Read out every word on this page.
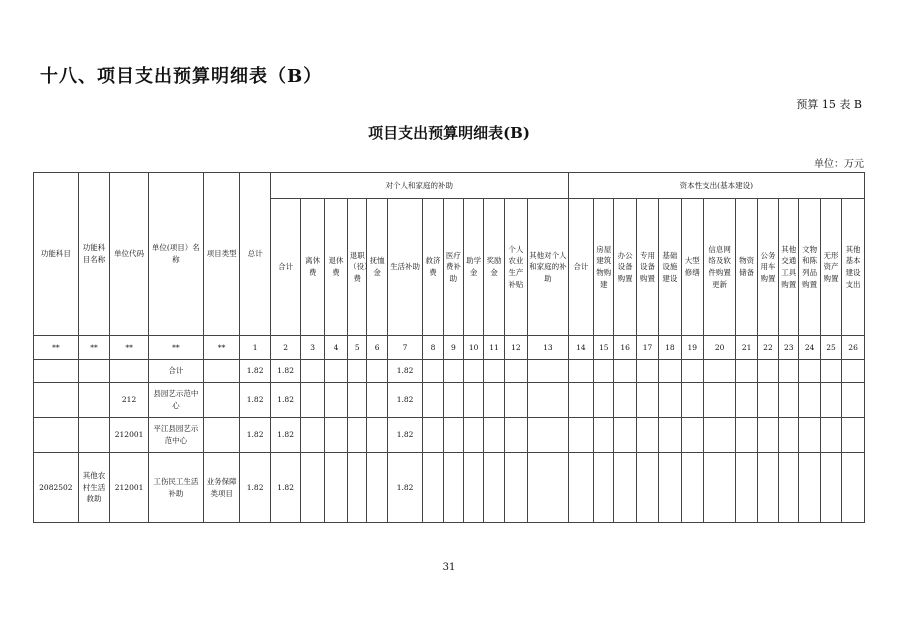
十八、项目支出预算明细表（B）
预算 15 表 B
项目支出预算明细表(B)
单位：万元
功能科目	功能科目名称	单位代码	单位(项目）名称	项目类型	总计	对个人和家庭的补助												资本性支出(基本建设)												
						合计	离休费	退休费	退职（役）费	抚恤金	生活补助	救济费	医疗费补助	助学金	奖励金	个人农业生产补贴	其他对个人和家庭的补助	合计	房屋建筑物购建	办公设备购置	专用设备购置	基础设施建设	大型修缮	信息网络及软件购置更新	物资储备	公务用车购置	其他交通工具购置	文物和陈列品购置	无形资产购置	其他基本建设支出
**	**	**	**	**	1	2	3	4	5	6	7	8	9	10	11	12	13	14	15	16	17	18	19	20	21	22	23	24	25	26
			合计		1.82	1.82					1.82																			
		212	县园艺示范中心		1.82	1.82					1.82																			
		212001	平江县园艺示范中心		1.82	1.82					1.82																			
2082502	其他农村生活救助	212001	工伤民工生活补助	业务保障类项目	1.82	1.82					1.82																			
31
